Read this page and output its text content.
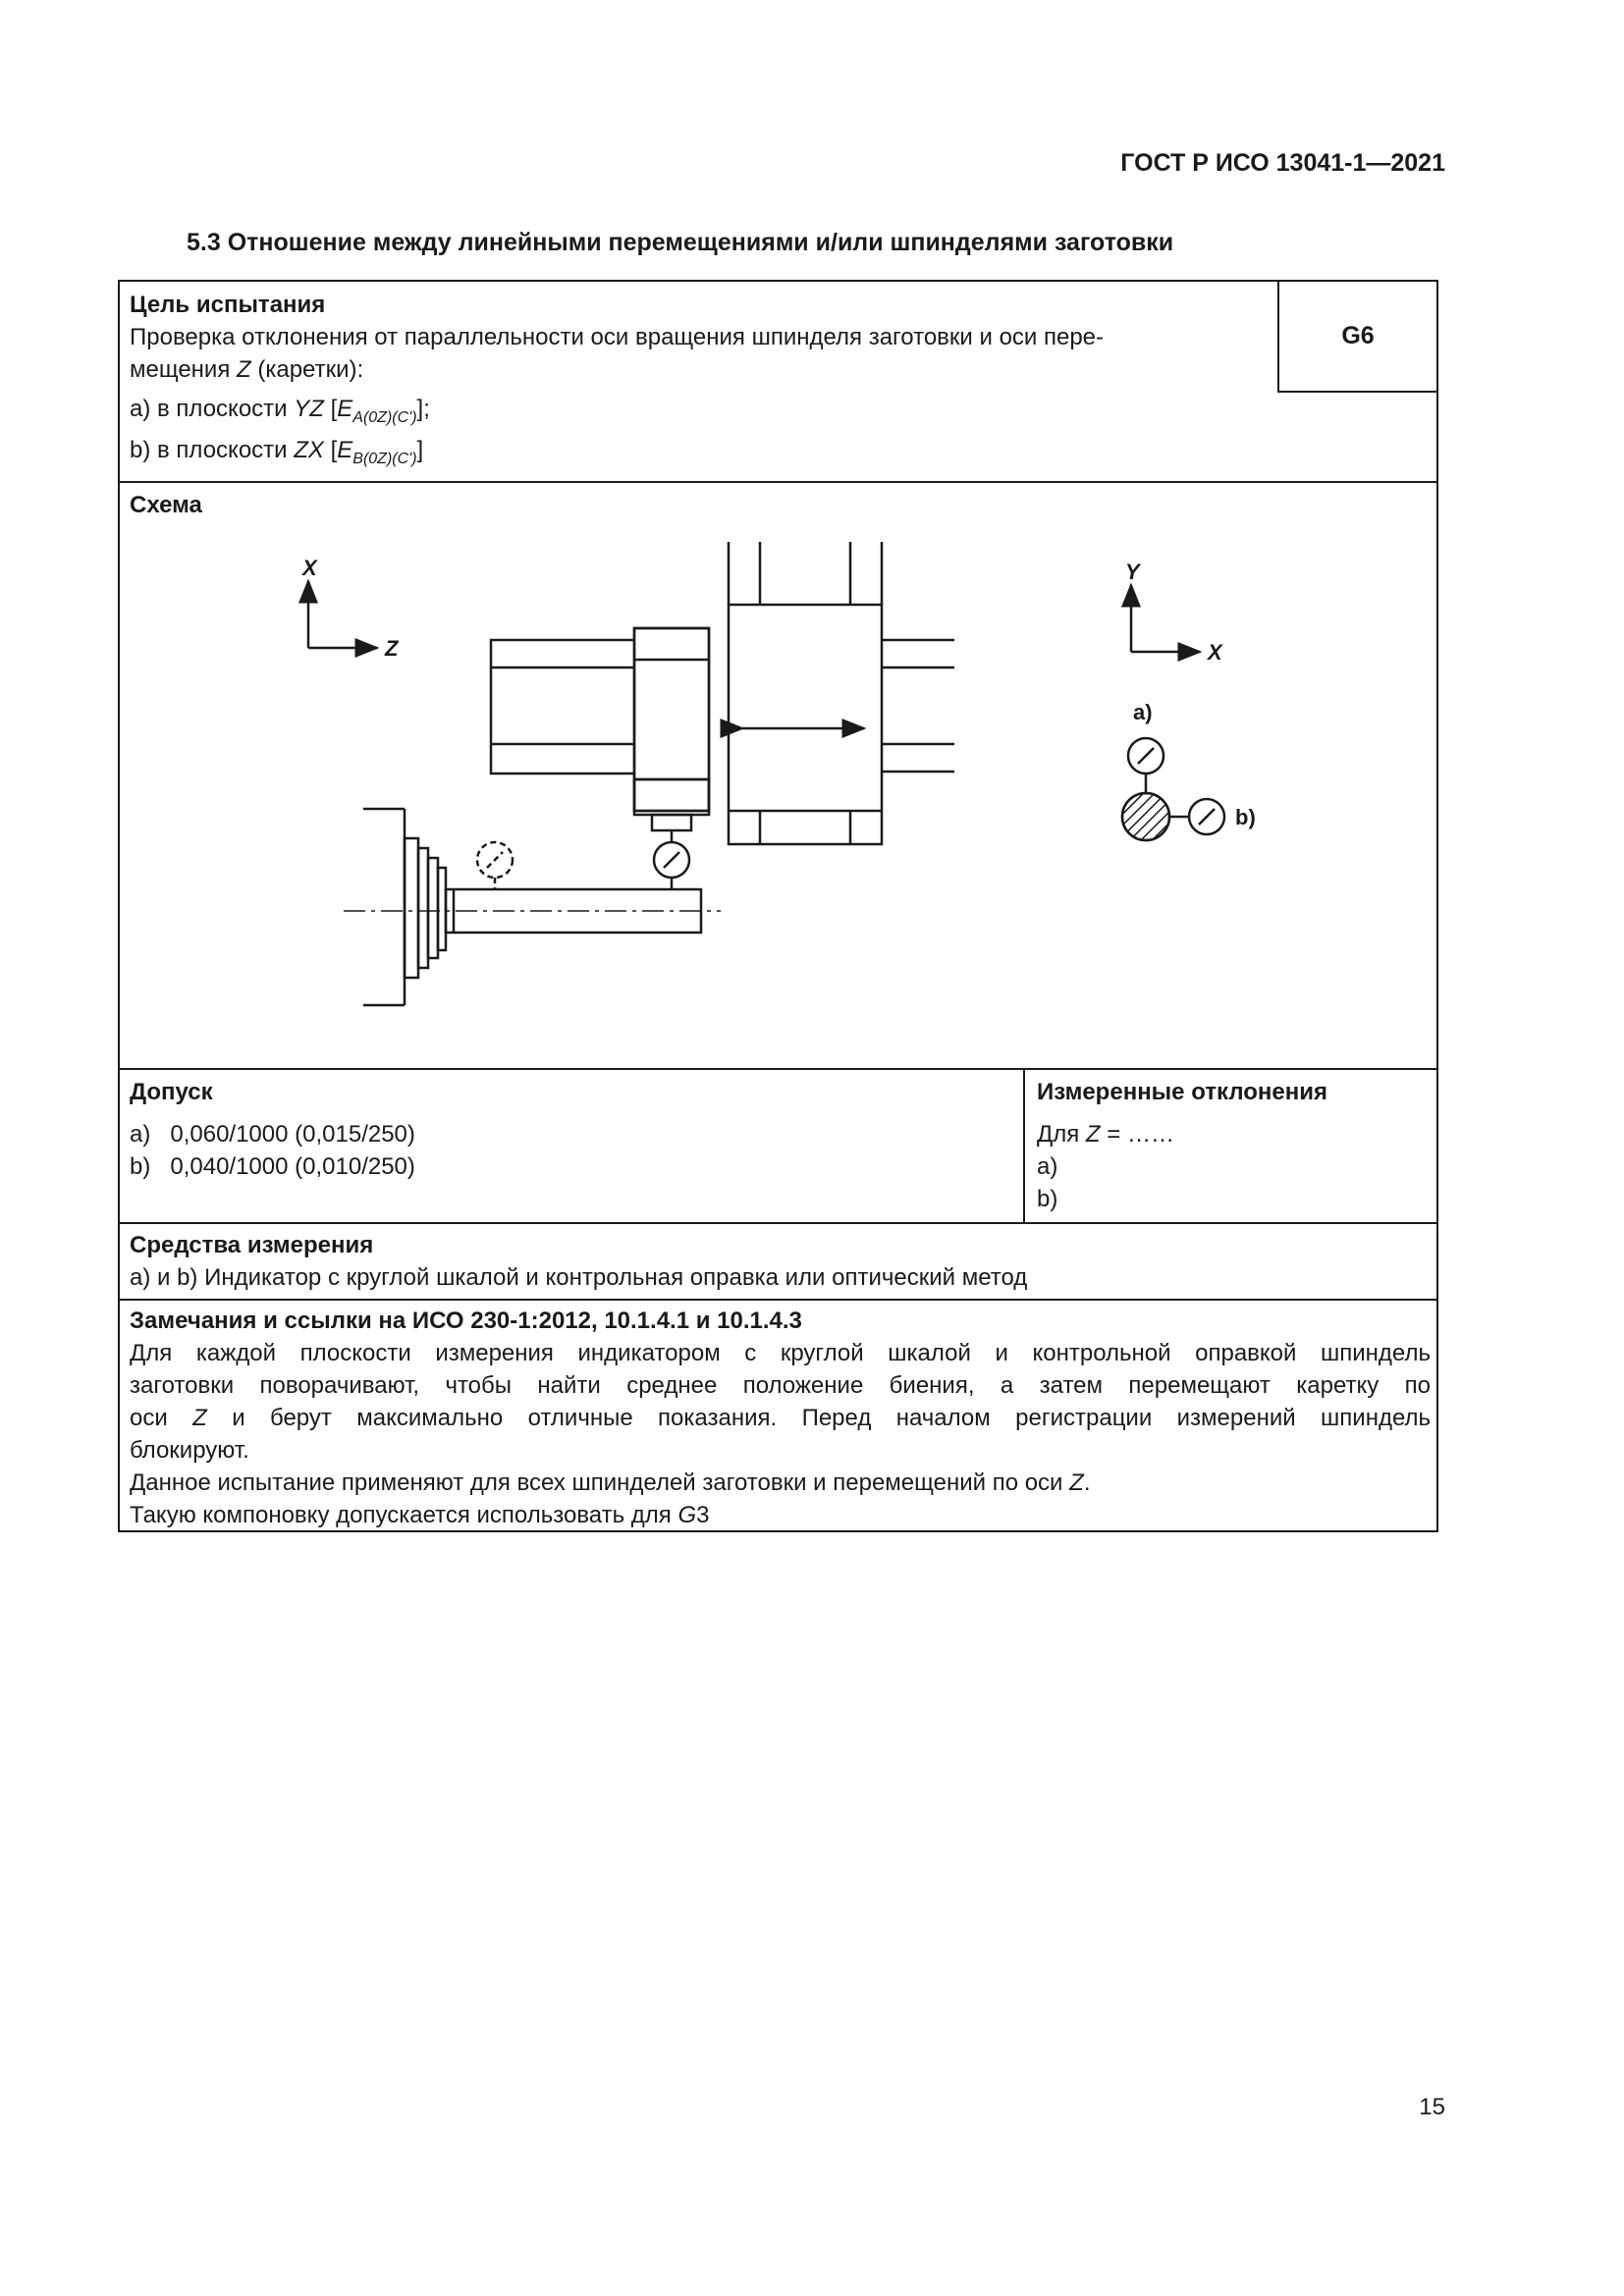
ГОСТ Р ИСО 13041-1—2021
5.3 Отношение между линейными перемещениями и/или шпинделями заготовки
Цель испытания
Проверка отклонения от параллельности оси вращения шпинделя заготовки и оси пере-
мещения Z (каретки):
a) в плоскости YZ $[E_{A(0Z)(C')}]$;
b) в плоскости ZX $[E_{B(0Z)(C')}]$
G6
Схема
X
Z
Y
X
a)
b)
Допуск
a) 0,060/1000 (0,015/250)
b) 0,040/1000 (0,010/250)
Измеренные отклонения
Для Z = ……
a)
b)
Средства измерения
a) и b) Индикатор с круглой шкалой и контрольная оправка или оптический метод
Замечания и ссылки на ИСО 230-1:2012, 10.1.4.1 и 10.1.4.3
Для каждой плоскости измерения индикатором с круглой шкалой и контрольной оправкой шпиндель
заготовки поворачивают, чтобы найти среднее положение биения, а затем перемещают каретку по
оси Z и берут максимально отличные показания. Перед началом регистрации измерений шпиндель
блокируют.
Данное испытание применяют для всех шпинделей заготовки и перемещений по оси Z.
Такую компоновку допускается использовать для G3
15
